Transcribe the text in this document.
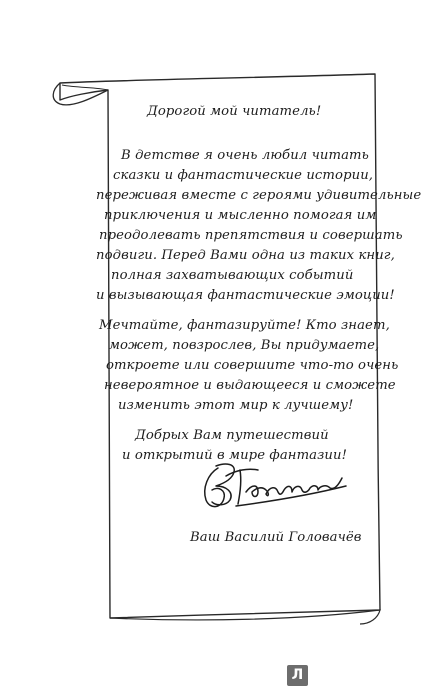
Дорогой мой читатель!
В детстве я очень любил читать
сказки и фантастические истории,
переживая вместе с героями удивительные
приключения и мысленно помогая им
преодолевать препятствия и совершать
подвиги. Перед Вами одна из таких книг,
полная захватывающих событий
и вызывающая фантастические эмоции!
Мечтайте, фантазируйте! Кто знает,
может, повзрослев, Вы придумаете,
откроете или совершите что-то очень
невероятное и выдающееся и сможете
изменить этот мир к лучшему!
Добрых Вам путешествий
и открытий в мире фантазии!
Ваш Василий Головачёв
Л
